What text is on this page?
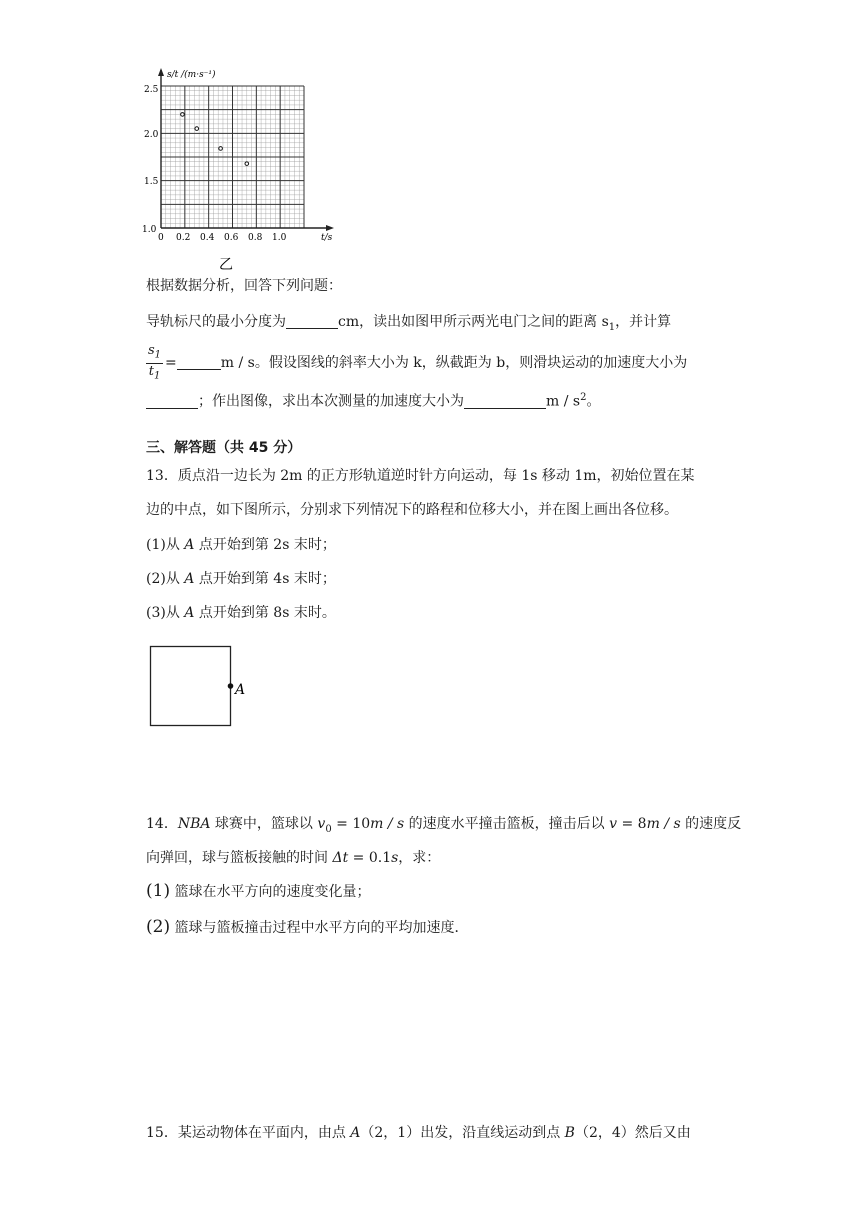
s/t /(m·s⁻¹)
t/s
2.5
2.0
1.5
1.0
0 0.2 0.4 0.6 0.8 1.0
乙
根据数据分析，回答下列问题：
导轨标尺的最小分度为	cm，读出如图甲所示两光电门之间的距离 $s_1$，并计算
$\frac{s_1}{t_1}$ =	m / s。假设图线的斜率大小为 k，纵截距为 b，则滑块运动的加速度大小为
；作出图像，求出本次测量的加速度大小为	m / $s^2$。
三、解答题（共 45 分）
13．质点沿一边长为 2m 的正方形轨道逆时针方向运动，每 1s 移动 1m，初始位置在某
边的中点，如下图所示，分别求下列情况下的路程和位移大小，并在图上画出各位移。
(1)从 A 点开始到第 2s 末时；
(2)从 A 点开始到第 4s 末时；
(3)从 A 点开始到第 8s 末时。
A
14．NBA 球赛中，篮球以 $v_0 = 10m / s$ 的速度水平撞击篮板，撞击后以 v = 8m / s 的速度反
向弹回，球与篮板接触的时间 Δt = 0.1s，求：
(1) 篮球在水平方向的速度变化量；
(2) 篮球与篮板撞击过程中水平方向的平均加速度．
15．某运动物体在平面内，由点 A（2，1）出发，沿直线运动到点 B（2，4）然后又由
